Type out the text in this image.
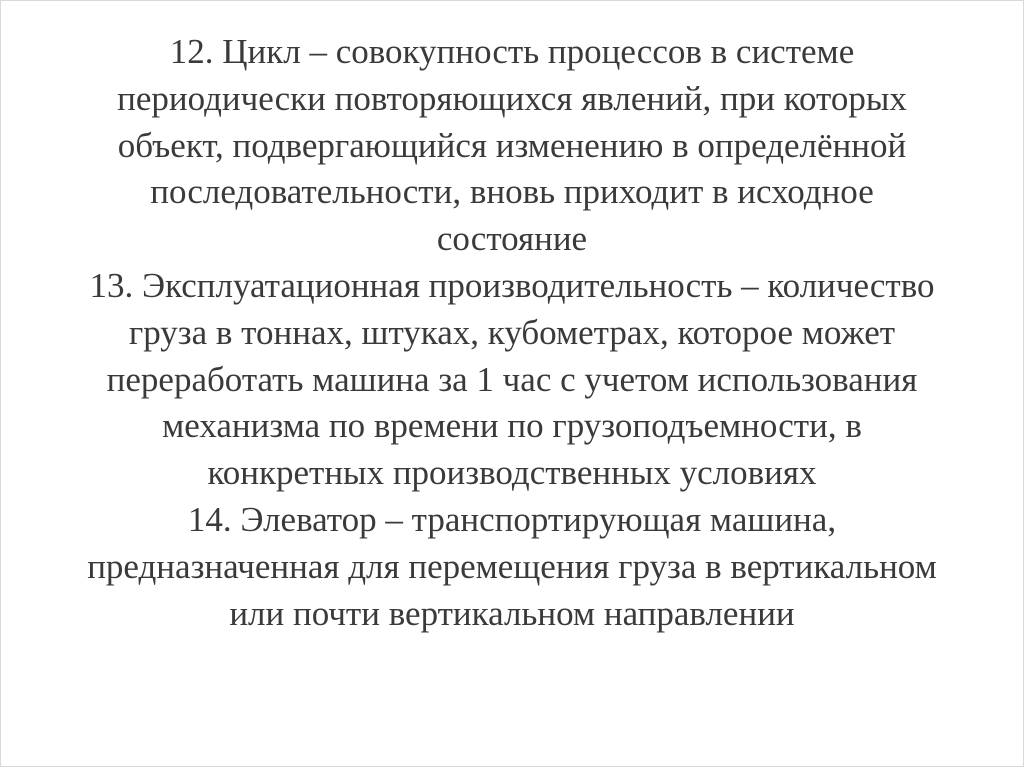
12. Цикл – совокупность процессов в системе
периодически повторяющихся явлений, при которых
объект, подвергающийся изменению в определённой
последовательности, вновь приходит в исходное
состояние
13. Эксплуатационная производительность – количество
груза в тоннах, штуках, кубометрах, которое может
переработать машина за 1 час с учетом использования
механизма по времени по грузоподъемности, в
конкретных производственных условиях
14. Элеватор – транспортирующая машина,
предназначенная для перемещения груза в вертикальном
или почти вертикальном направлении
